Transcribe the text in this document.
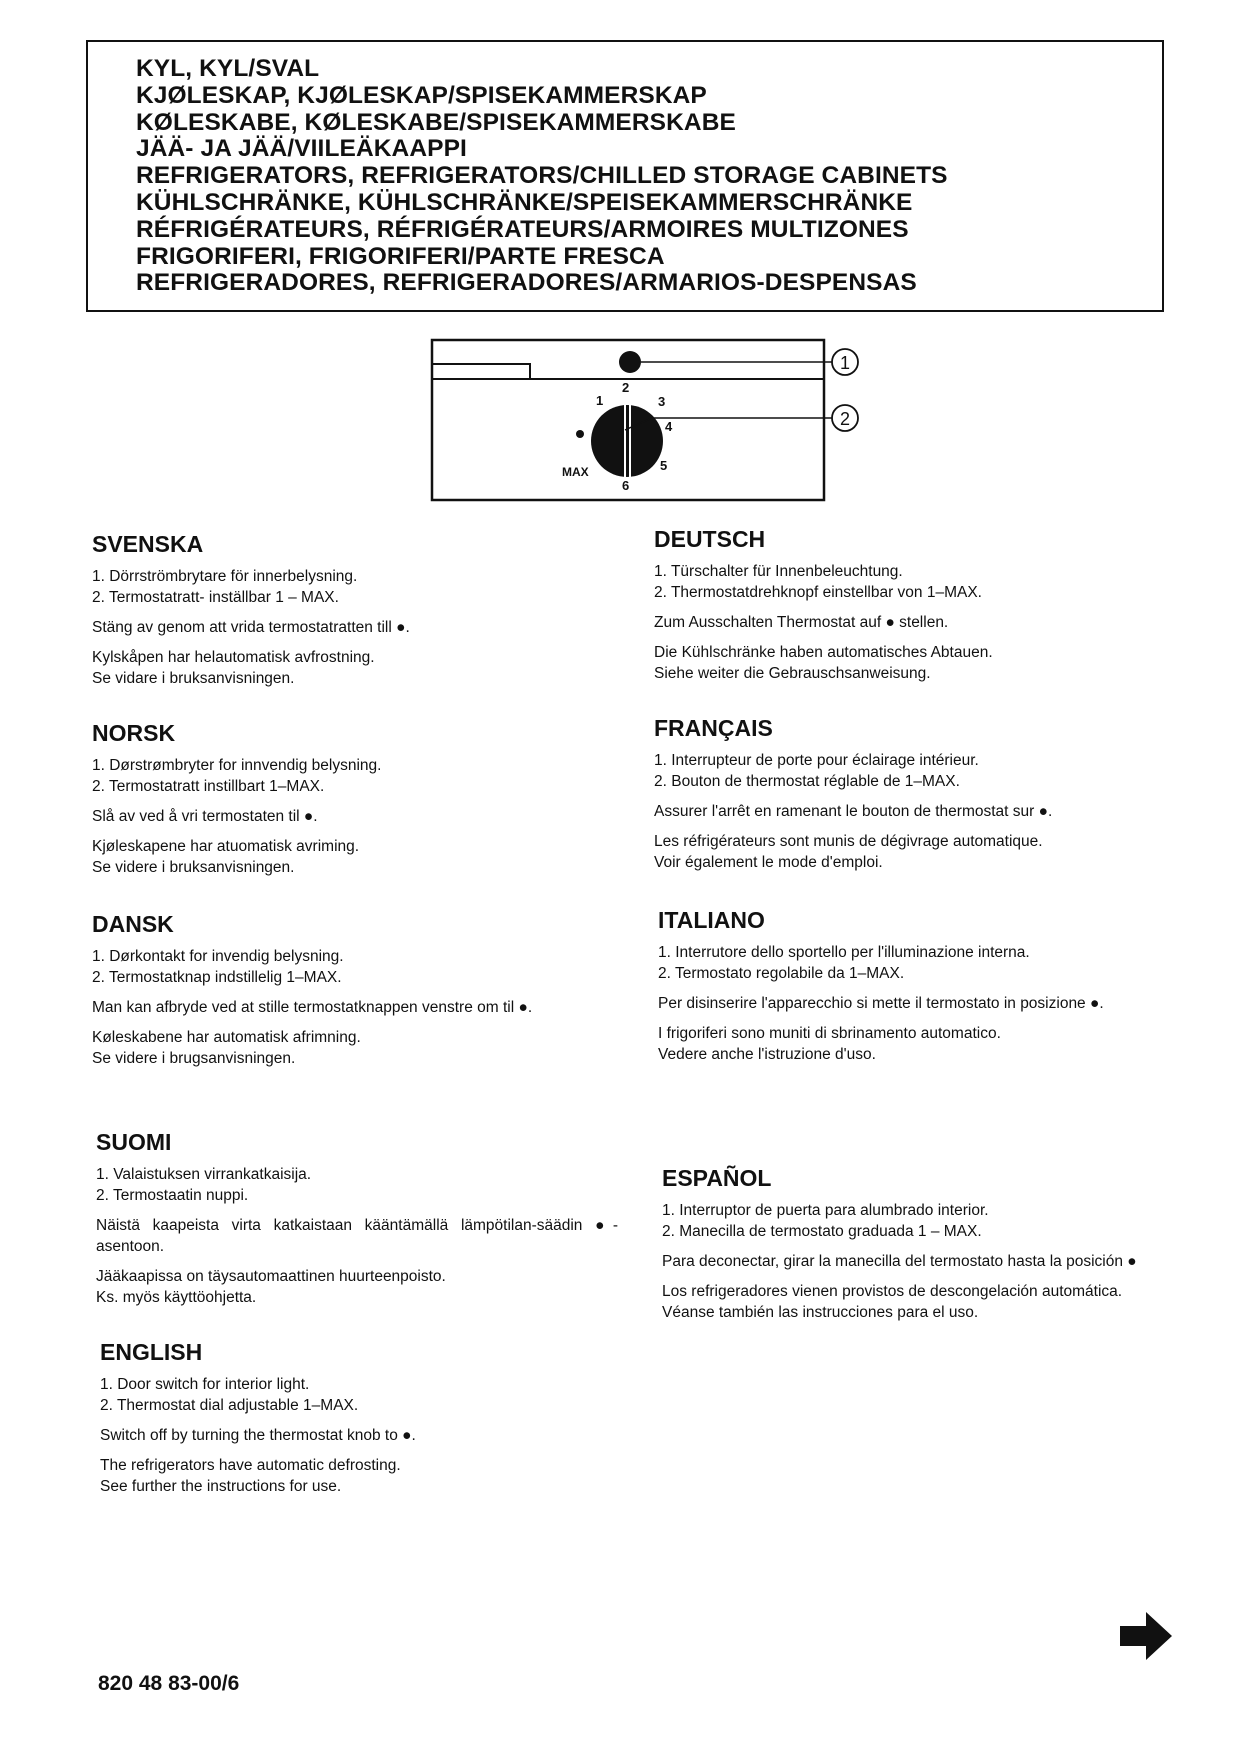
KYL, KYL/SVAL
KJØLESKAP, KJØLESKAP/SPISEKAMMERSKAP
KØLESKABE, KØLESKABE/SPISEKAMMERSKABE
JÄÄ- JA JÄÄ/VIILEÄKAAPPI
REFRIGERATORS, REFRIGERATORS/CHILLED STORAGE CABINETS
KÜHLSCHRÄNKE, KÜHLSCHRÄNKE/SPEISEKAMMERSCHRÄNKE
RÉFRIGÉRATEURS, RÉFRIGÉRATEURS/ARMOIRES MULTIZONES
FRIGORIFERI, FRIGORIFERI/PARTE FRESCA
REFRIGERADORES, REFRIGERADORES/ARMARIOS-DESPENSAS
1
2
1
2
3
4
5
6
MAX
SVENSKA
1. Dörrströmbrytare för innerbelysning.
2. Termostatratt- inställbar 1 – MAX.
Stäng av genom att vrida termostatratten till ●.
Kylskåpen har helautomatisk avfrostning.
Se vidare i bruksanvisningen.
NORSK
1. Dørstrømbryter for innvendig belysning.
2. Termostatratt instillbart 1–MAX.
Slå av ved å vri termostaten til ●.
Kjøleskapene har atuomatisk avriming.
Se videre i bruksanvisningen.
DANSK
1. Dørkontakt for invendig belysning.
2. Termostatknap indstillelig 1–MAX.
Man kan afbryde ved at stille termostatknappen venstre om til ●.
Køleskabene har automatisk afrimning.
Se videre i brugsanvisningen.
SUOMI
1. Valaistuksen virrankatkaisija.
2. Termostaatin nuppi.
Näistä kaapeista virta katkaistaan kääntämällä lämpötilan-säädin ●-asentoon.
Jääkaapissa on täysautomaattinen huurteenpoisto.
Ks. myös käyttöohjetta.
ENGLISH
1. Door switch for interior light.
2. Thermostat dial adjustable 1–MAX.
Switch off by turning the thermostat knob to ●.
The refrigerators have automatic defrosting.
See further the instructions for use.
DEUTSCH
1. Türschalter für Innenbeleuchtung.
2. Thermostatdrehknopf einstellbar von 1–MAX.
Zum Ausschalten Thermostat auf ● stellen.
Die Kühlschränke haben automatisches Abtauen.
Siehe weiter die Gebrauschsanweisung.
FRANÇAIS
1. Interrupteur de porte pour éclairage intérieur.
2. Bouton de thermostat réglable de 1–MAX.
Assurer l'arrêt en ramenant le bouton de thermostat sur ●.
Les réfrigérateurs sont munis de dégivrage automatique.
Voir également le mode d'emploi.
ITALIANO
1. Interrutore dello sportello per l'illuminazione interna.
2. Termostato regolabile da 1–MAX.
Per disinserire l'apparecchio si mette il termostato in posizione ●.
I frigoriferi sono muniti di sbrinamento automatico.
Vedere anche l'istruzione d'uso.
ESPAÑOL
1. Interruptor de puerta para alumbrado interior.
2. Manecilla de termostato graduada 1 – MAX.
Para deconectar, girar la manecilla del termostato hasta la posición ●
Los refrigeradores vienen provistos de descongelación automática.
Véanse también las instrucciones para el uso.
820 48 83-00/6
